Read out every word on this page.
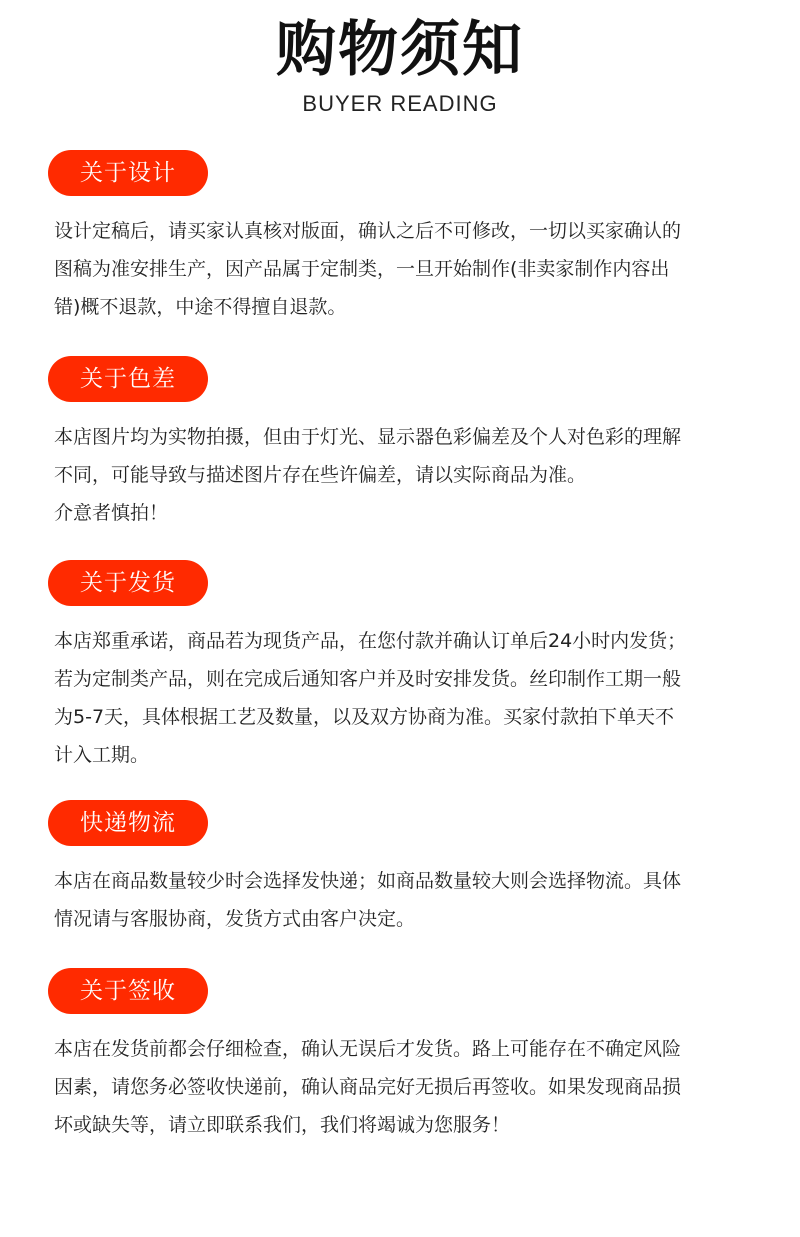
购物须知
BUYER READING
关于设计
设计定稿后，请买家认真核对版面，确认之后不可修改，一切以买家确认的
图稿为准安排生产，因产品属于定制类，一旦开始制作(非卖家制作内容出
错)概不退款，中途不得擅自退款。
关于色差
本店图片均为实物拍摄，但由于灯光、显示器色彩偏差及个人对色彩的理解
不同，可能导致与描述图片存在些许偏差，请以实际商品为准。
介意者慎拍！
关于发货
本店郑重承诺，商品若为现货产品，在您付款并确认订单后24小时内发货；
若为定制类产品，则在完成后通知客户并及时安排发货。丝印制作工期一般
为5-7天，具体根据工艺及数量，以及双方协商为准。买家付款拍下单天不
计入工期。
快递物流
本店在商品数量较少时会选择发快递；如商品数量较大则会选择物流。具体
情况请与客服协商，发货方式由客户决定。
关于签收
本店在发货前都会仔细检查，确认无误后才发货。路上可能存在不确定风险
因素，请您务必签收快递前，确认商品完好无损后再签收。如果发现商品损
坏或缺失等，请立即联系我们，我们将竭诚为您服务！
